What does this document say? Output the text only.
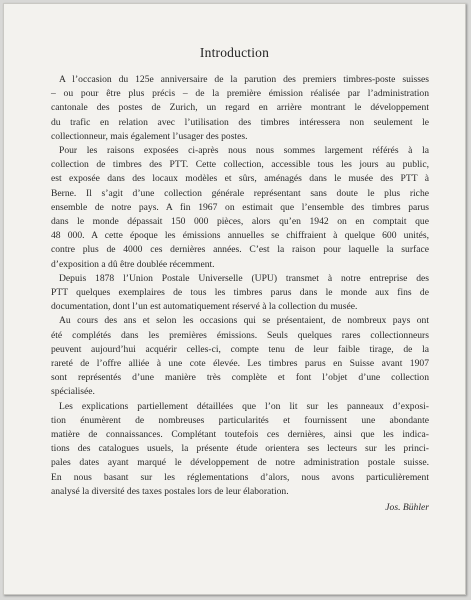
Introduction
A l’occasion du 125e anniversaire de la parution des premiers timbres-poste suisses
– ou pour être plus précis – de la première émission réalisée par l’administration
cantonale des postes de Zurich, un regard en arrière montrant le développement
du trafic en relation avec l’utilisation des timbres intéressera non seulement le
collectionneur, mais également l’usager des postes.
Pour les raisons exposées ci-après nous nous sommes largement référés à la
collection de timbres des PTT. Cette collection, accessible tous les jours au public,
est exposée dans des locaux modèles et sûrs, aménagés dans le musée des PTT à
Berne. Il s’agit d’une collection générale représentant sans doute le plus riche
ensemble de notre pays. A fin 1967 on estimait que l’ensemble des timbres parus
dans le monde dépassait 150 000 pièces, alors qu’en 1942 on en comptait que
48 000. A cette époque les émissions annuelles se chiffraient à quelque 600 unités,
contre plus de 4000 ces dernières années. C’est la raison pour laquelle la surface
d’exposition a dû être doublée récemment.
Depuis 1878 l’Union Postale Universelle (UPU) transmet à notre entreprise des
PTT quelques exemplaires de tous les timbres parus dans le monde aux fins de
documentation, dont l’un est automatiquement réservé à la collection du musée.
Au cours des ans et selon les occasions qui se présentaient, de nombreux pays ont
été complétés dans les premières émissions. Seuls quelques rares collectionneurs
peuvent aujourd’hui acquérir celles-ci, compte tenu de leur faible tirage, de la
rareté de l’offre alliée à une cote élevée. Les timbres parus en Suisse avant 1907
sont représentés d’une manière très complète et font l’objet d’une collection
spécialisée.
Les explications partiellement détaillées que l’on lit sur les panneaux d’exposi-
tion énumèrent de nombreuses particularités et fournissent une abondante
matière de connaissances. Complétant toutefois ces dernières, ainsi que les indica-
tions des catalogues usuels, la présente étude orientera ses lecteurs sur les princi-
pales dates ayant marqué le développement de notre administration postale suisse.
En nous basant sur les réglementations d’alors, nous avons particulièrement
analysé la diversité des taxes postales lors de leur élaboration.
Jos. Bühler
